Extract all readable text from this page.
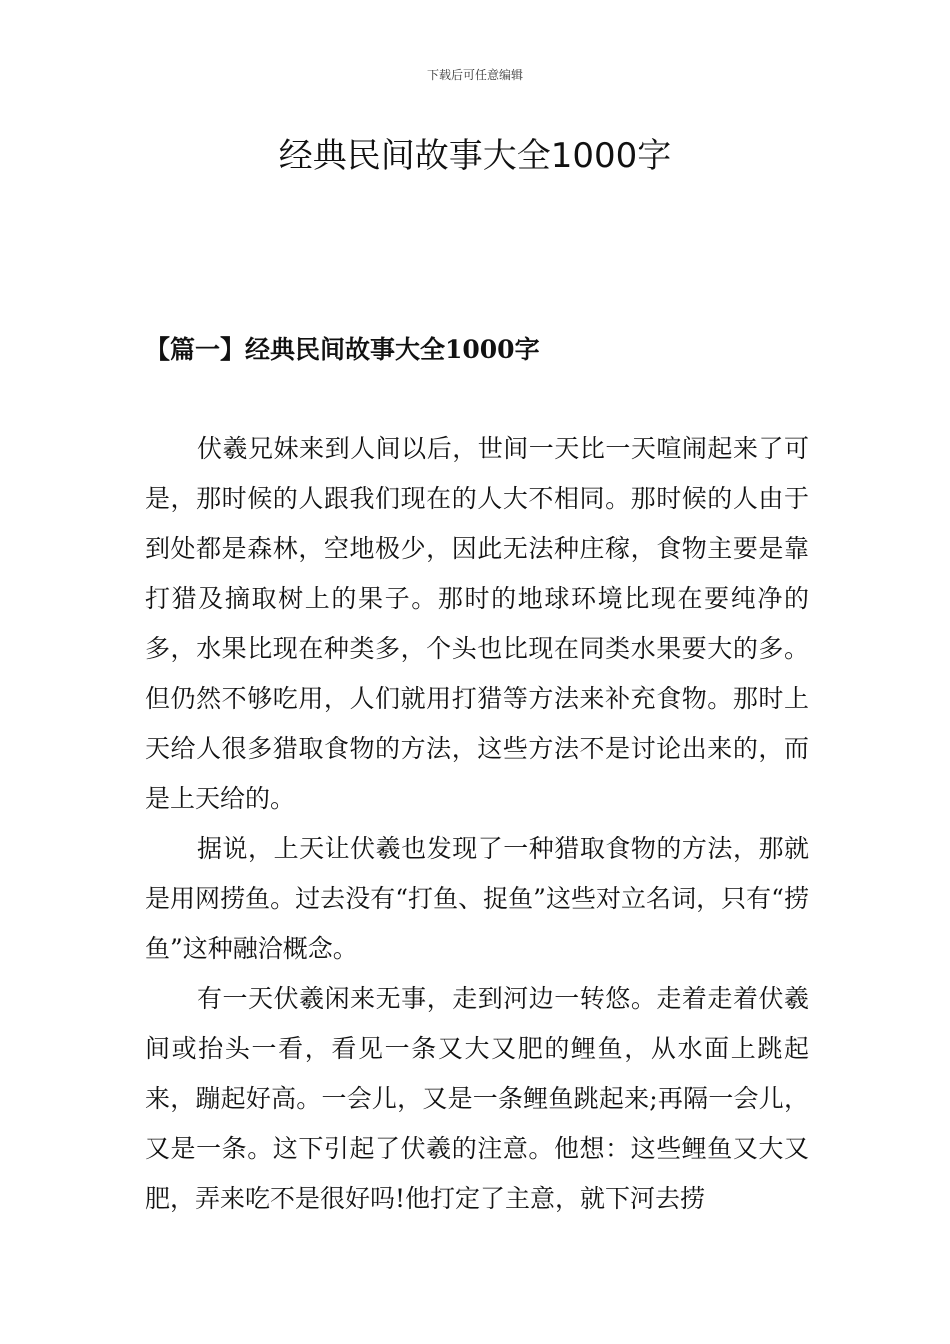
下载后可任意编辑
经典民间故事大全1000字
【篇一】经典民间故事大全1000字

伏羲兄妹来到人间以后，世间一天比一天喧闹起来了可是，那时候的人跟我们现在的人大不相同。那时候的人由于到处都是森林，空地极少，因此无法种庄稼，食物主要是靠打猎及摘取树上的果子。那时的地球环境比现在要纯净的多，水果比现在种类多，个头也比现在同类水果要大的多。但仍然不够吃用，人们就用打猎等方法来补充食物。那时上天给人很多猎取食物的方法，这些方法不是讨论出来的，而是上天给的。

据说，上天让伏羲也发现了一种猎取食物的方法，那就是用网捞鱼。过去没有“打鱼、捉鱼”这些对立名词，只有“捞鱼”这种融洽概念。

有一天伏羲闲来无事，走到河边一转悠。走着走着伏羲间或抬头一看，看见一条又大又肥的鲤鱼，从水面上跳起来，蹦起好高。一会儿，又是一条鲤鱼跳起来;再隔一会儿，又是一条。这下引起了伏羲的注意。他想：这些鲤鱼又大又肥，弄来吃不是很好吗!他打定了主意，就下河去捞
